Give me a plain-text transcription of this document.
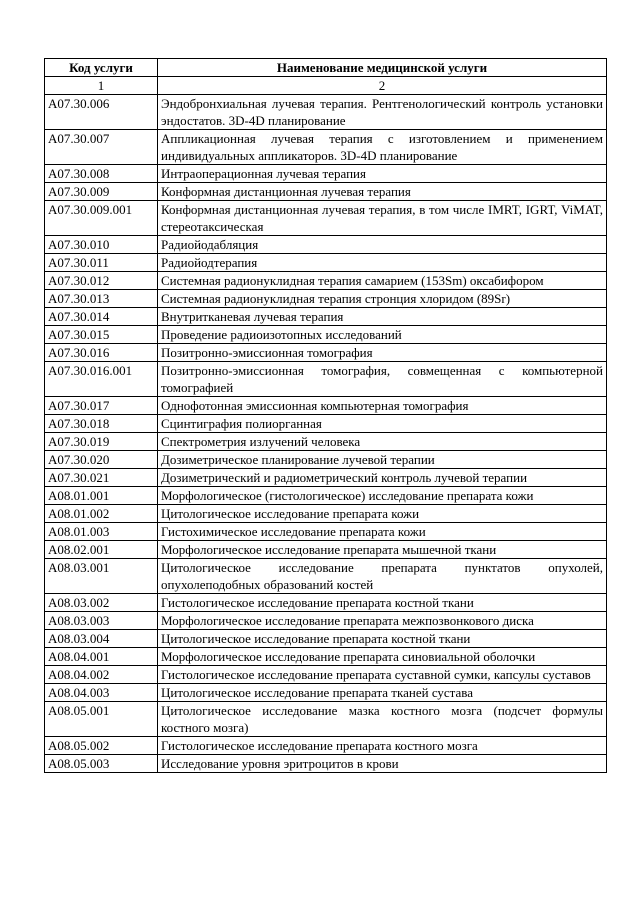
Код услуги	Наименование медицинской услуги
1	2
A07.30.006	Эндобронхиальная лучевая терапия. Рентгенологический контроль установки эндостатов. 3D-4D планирование
A07.30.007	Аппликационная лучевая терапия с изготовлением и применением индивидуальных аппликаторов. 3D-4D планирование
A07.30.008	Интраоперационная лучевая терапия
A07.30.009	Конформная дистанционная лучевая терапия
A07.30.009.001	Конформная дистанционная лучевая терапия, в том числе IMRT, IGRT, ViMAT, стереотаксическая
A07.30.010	Радиойодабляция
A07.30.011	Радиойодтерапия
A07.30.012	Системная радионуклидная терапия самарием (153Sm) оксабифором
A07.30.013	Системная радионуклидная терапия стронция хлоридом (89Sr)
A07.30.014	Внутритканевая лучевая терапия
A07.30.015	Проведение радиоизотопных исследований
A07.30.016	Позитронно-эмиссионная томография
A07.30.016.001	Позитронно-эмиссионная томография, совмещенная с компьютерной томографией
A07.30.017	Однофотонная эмиссионная компьютерная томография
A07.30.018	Сцинтиграфия полиорганная
A07.30.019	Спектрометрия излучений человека
A07.30.020	Дозиметрическое планирование лучевой терапии
A07.30.021	Дозиметрический и радиометрический контроль лучевой терапии
A08.01.001	Морфологическое (гистологическое) исследование препарата кожи
A08.01.002	Цитологическое исследование препарата кожи
A08.01.003	Гистохимическое исследование препарата кожи
A08.02.001	Морфологическое исследование препарата мышечной ткани
A08.03.001	Цитологическое исследование препарата пунктатов опухолей, опухолеподобных образований костей
A08.03.002	Гистологическое исследование препарата костной ткани
A08.03.003	Морфологическое исследование препарата межпозвонкового диска
A08.03.004	Цитологическое исследование препарата костной ткани
A08.04.001	Морфологическое исследование препарата синовиальной оболочки
A08.04.002	Гистологическое исследование препарата суставной сумки, капсулы суставов
A08.04.003	Цитологическое исследование препарата тканей сустава
A08.05.001	Цитологическое исследование мазка костного мозга (подсчет формулы костного мозга)
A08.05.002	Гистологическое исследование препарата костного мозга
A08.05.003	Исследование уровня эритроцитов в крови
